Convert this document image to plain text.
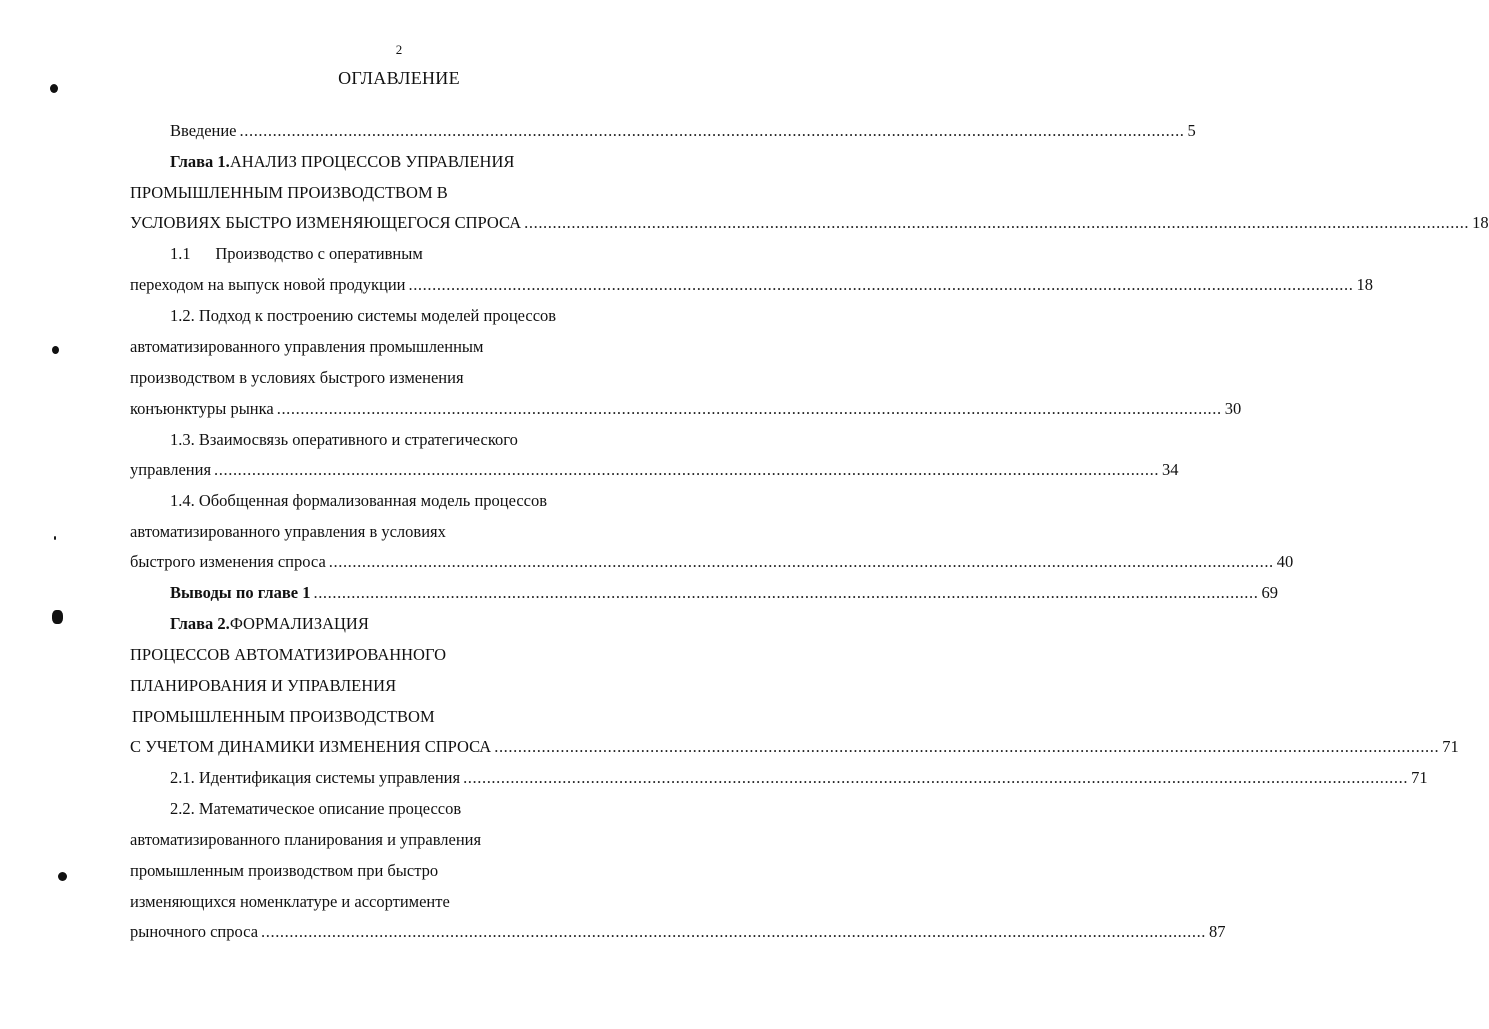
2
ОГЛАВЛЕНИЕ
Введение ........................................................................................................................................................................................................ 5
Глава 1. АНАЛИЗ ПРОЦЕССОВ УПРАВЛЕНИЯ
ПРОМЫШЛЕННЫМ ПРОИЗВОДСТВОМ В
УСЛОВИЯХ БЫСТРО ИЗМЕНЯЮЩЕГОСЯ СПРОСА ........................................................................................................................................................................................................ 18
1.1  Производство с оперативным
переходом на выпуск новой продукции ........................................................................................................................................................................................................ 18
1.2. Подход к построению системы моделей процессов
автоматизированного управления промышленным
производством в условиях быстрого изменения
конъюнктуры рынка ........................................................................................................................................................................................................ 30
1.3. Взаимосвязь оперативного и стратегического
управления ........................................................................................................................................................................................................ 34
1.4. Обобщенная формализованная модель процессов
автоматизированного управления в условиях
быстрого изменения спроса ........................................................................................................................................................................................................ 40
Выводы по главе 1 ........................................................................................................................................................................................................ 69
Глава 2. ФОРМАЛИЗАЦИЯ
ПРОЦЕССОВ АВТОМАТИЗИРОВАННОГО
ПЛАНИРОВАНИЯ И УПРАВЛЕНИЯ
ПРОМЫШЛЕННЫМ ПРОИЗВОДСТВОМ
С УЧЕТОМ ДИНАМИКИ ИЗМЕНЕНИЯ СПРОСА ........................................................................................................................................................................................................ 71
2.1. Идентификация системы управления ........................................................................................................................................................................................................ 71
2.2. Математическое описание процессов
автоматизированного планирования и управления
промышленным производством при быстро
изменяющихся номенклатуре и ассортименте
рыночного спроса ........................................................................................................................................................................................................ 87
